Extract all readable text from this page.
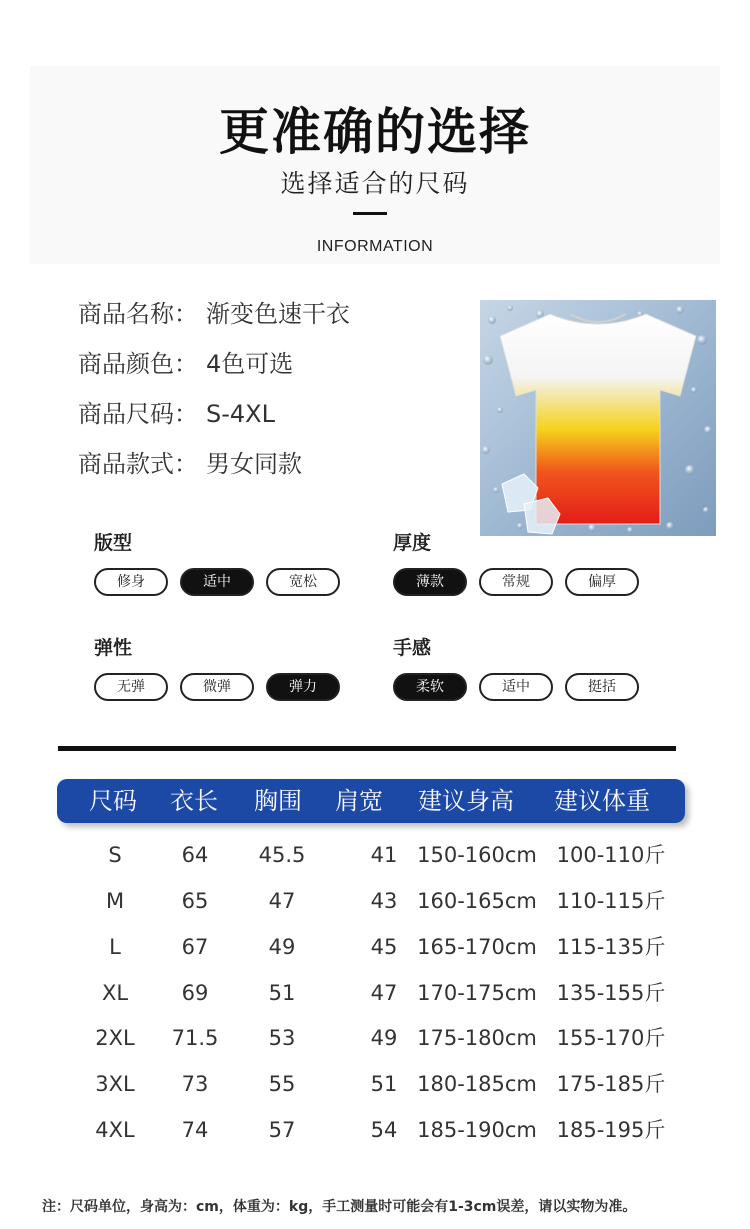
更准确的选择
选择适合的尺码
INFORMATION
商品名称： 渐变色速干衣
商品颜色： 4色可选
商品尺码： S-4XL
商品款式： 男女同款
版型
修身	适中	宽松
厚度
薄款	常规	偏厚
弹性
无弹	微弹	弹力
手感
柔软	适中	挺括
尺码 衣长 胸围 肩宽 建议身高 建议体重
S	64 45.5	41 150-160cm 100-110斤
M	65	47	43 160-165cm 110-115斤
L	67	49	45 165-170cm 115-135斤
XL	69	51	47 170-175cm 135-155斤
2XL 71.5 53	49 175-180cm 155-170斤
3XL 73	55	51 180-185cm 175-185斤
4XL 74	57	54 185-190cm 185-195斤
注：尺码单位，身高为：cm，体重为：kg，手工测量时可能会有1-3cm误差，请以实物为准。
